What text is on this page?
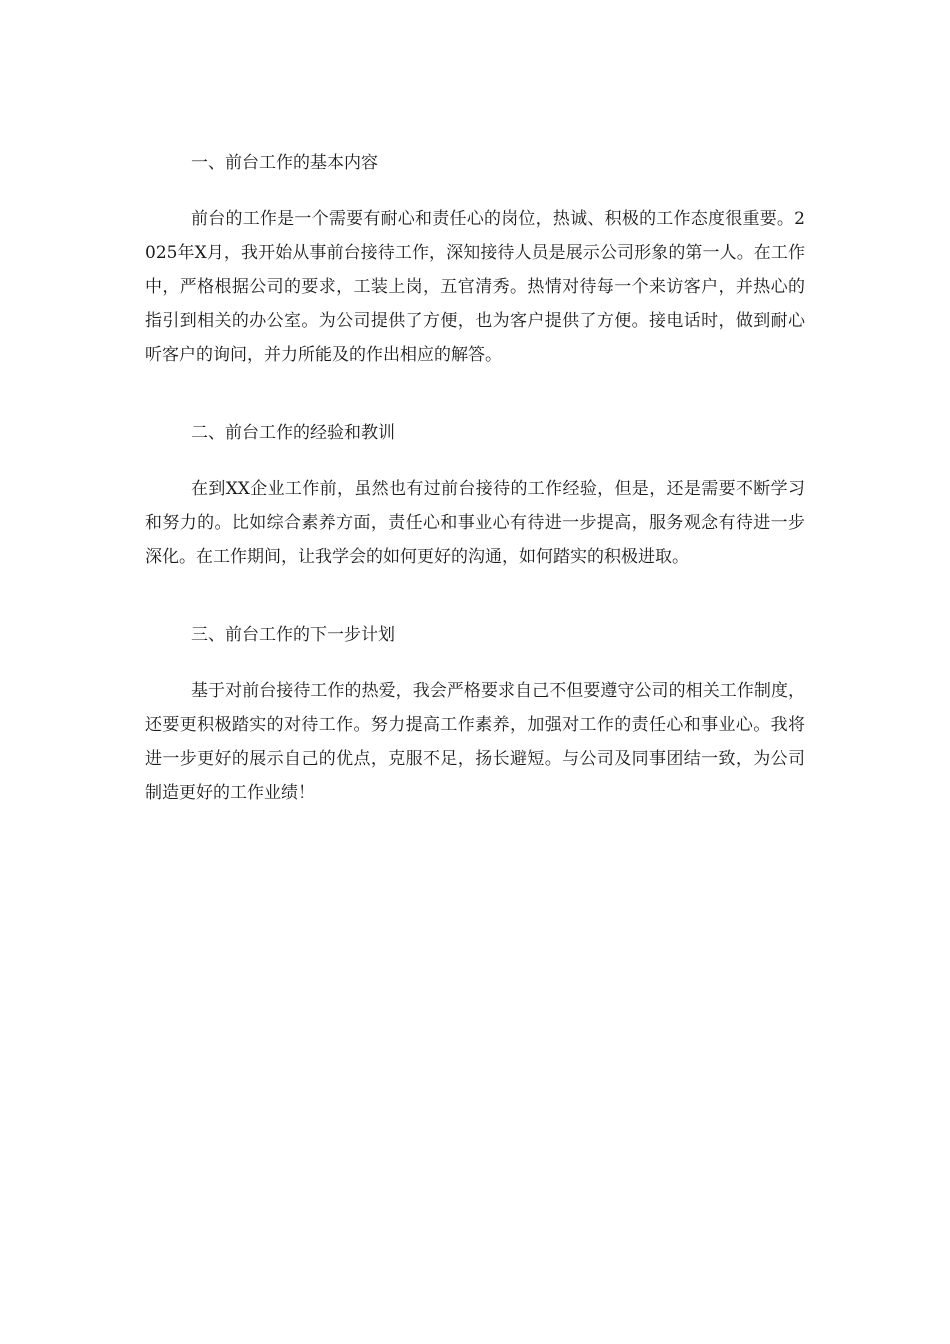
一、前台工作的基本内容

前台的工作是一个需要有耐心和责任心的岗位，热诚、积极的工作态度很重要。2025年X月，我开始从事前台接待工作，深知接待人员是展示公司形象的第一人。在工作中，严格根据公司的要求，工装上岗，五官清秀。热情对待每一个来访客户，并热心的指引到相关的办公室。为公司提供了方便，也为客户提供了方便。接电话时，做到耐心听客户的询问，并力所能及的作出相应的解答。

二、前台工作的经验和教训

在到XX企业工作前，虽然也有过前台接待的工作经验，但是，还是需要不断学习和努力的。比如综合素养方面，责任心和事业心有待进一步提高，服务观念有待进一步深化。在工作期间，让我学会的如何更好的沟通，如何踏实的积极进取。

三、前台工作的下一步计划

基于对前台接待工作的热爱，我会严格要求自己不但要遵守公司的相关工作制度，还要更积极踏实的对待工作。努力提高工作素养，加强对工作的责任心和事业心。我将进一步更好的展示自己的优点，克服不足，扬长避短。与公司及同事团结一致，为公司制造更好的工作业绩！
